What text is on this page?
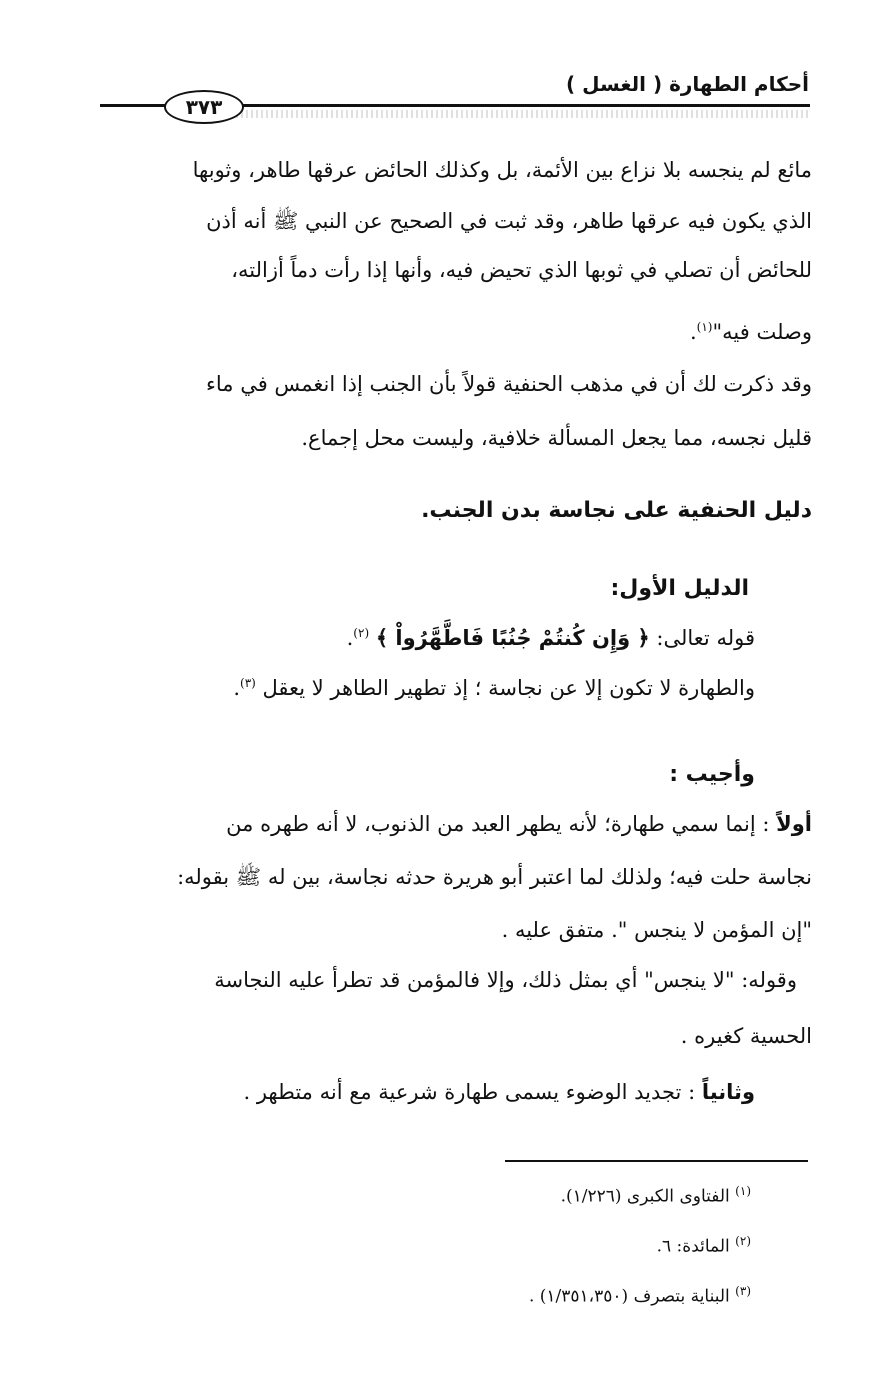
أحكام الطهارة ( الغسل )
٣٧٣
مائع لم ينجسه بلا نزاع بين الأئمة، بل وكذلك الحائض عرقها طاهر، وثوبها
الذي يكون فيه عرقها طاهر، وقد ثبت في الصحيح عن النبي ﷺ أنه أذن
للحائض أن تصلي في ثوبها الذي تحيض فيه، وأنها إذا رأت دماً أزالته،
وصلت فيه"$^{(١)}$.
وقد ذكرت لك أن في مذهب الحنفية قولاً بأن الجنب إذا انغمس في ماء
قليل نجسه، مما يجعل المسألة خلافية، وليست محل إجماع.
دليل الحنفية على نجاسة بدن الجنب.
الدليل الأول:
قوله تعالى: ﴿ وَإِن كُنتُمْ جُنُبًا فَاطَّهَّرُواْ ﴾ $^{(٢)}$.
والطهارة لا تكون إلا عن نجاسة ؛ إذ تطهير الطاهر لا يعقل $^{(٣)}$.
وأجيب :
أولاً : إنما سمي طهارة؛ لأنه يطهر العبد من الذنوب، لا أنه طهره من
نجاسة حلت فيه؛ ولذلك لما اعتبر أبو هريرة حدثه نجاسة، بين له ﷺ بقوله:
"إن المؤمن لا ينجس ". متفق عليه .
وقوله: "لا ينجس" أي بمثل ذلك، وإلا فالمؤمن قد تطرأ عليه النجاسة
الحسية كغيره .
وثانياً : تجديد الوضوء يسمى طهارة شرعية مع أنه متطهر .
$^{(١)}$ الفتاوى الكبرى (١/٢٢٦).
$^{(٢)}$ المائدة: ٦.
$^{(٣)}$ البناية بتصرف (١/٣٥١،٣٥٠) .
